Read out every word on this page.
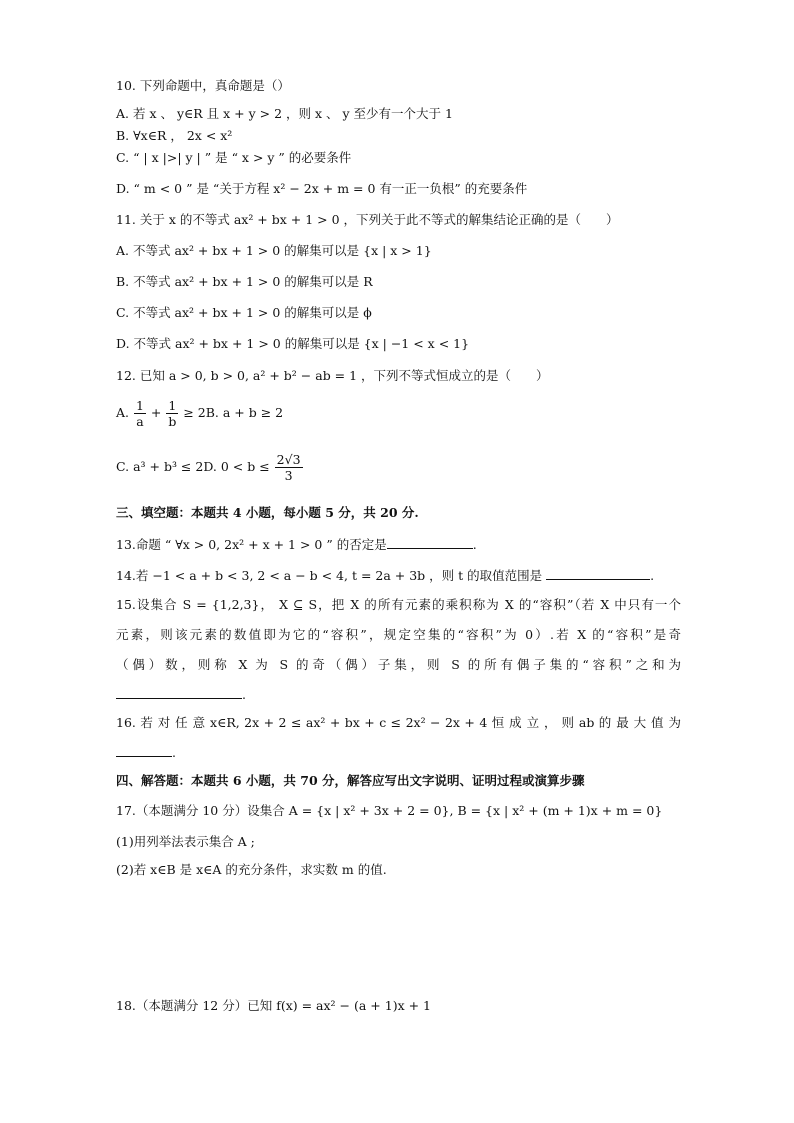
10. 下列命题中，真命题是（）
A. 若 x 、 y∈R 且 x + y > 2 ，则 x 、 y 至少有一个大于 1
B. ∀x∈R ， 2x < x²
C. “ | x |>| y | ” 是 “ x > y ” 的必要条件
D. “ m < 0 ” 是 “关于方程 x² − 2x + m = 0 有一正一负根” 的充要条件
11. 关于 x 的不等式 ax² + bx + 1 > 0 ，下列关于此不等式的解集结论正确的是（　　）
A. 不等式 ax² + bx + 1 > 0 的解集可以是 {x | x > 1}
B. 不等式 ax² + bx + 1 > 0 的解集可以是 R
C. 不等式 ax² + bx + 1 > 0 的解集可以是 ϕ
D. 不等式 ax² + bx + 1 > 0 的解集可以是 {x | −1 < x < 1}
12. 已知 a > 0, b > 0, a² + b² − ab = 1 ，下列不等式恒成立的是（　　）
三、填空题：本题共 4 小题，每小题 5 分，共 20 分.
13.命题 “ ∀x > 0, 2x² + x + 1 > 0 ” 的否定是	.
14.若 −1 < a + b < 3, 2 < a − b < 4, t = 2a + 3b ，则 t 的取值范围是	.
15.设集合 S = {1,2,3}， X ⊆ S，把 X 的所有元素的乘积称为 X 的“容积”（若 X 中只有一个
元素，则该元素的数值即为它的“容积”，规定空集的“容积”为 0）.若 X 的“容积”是奇
（偶）数，则称 X 为 S 的奇（偶）子集，则 S 的所有偶子集的“容积”之和为
.
16. 若 对 任 意 x∈R, 2x + 2 ≤ ax² + bx + c ≤ 2x² − 2x + 4 恒 成 立 ， 则 ab 的 最 大 值 为
.
四、解答题：本题共 6 小题，共 70 分，解答应写出文字说明、证明过程或演算步骤
17.（本题满分 10 分）设集合 A = {x | x² + 3x + 2 = 0}, B = {x | x² + (m + 1)x + m = 0}
(1)用列举法表示集合 A ;
(2)若 x∈B 是 x∈A 的充分条件，求实数 m 的值.
18.（本题满分 12 分）已知 f(x) = ax² − (a + 1)x + 1
A. $\frac{1}{a} + \frac{1}{b} \ge 2B$. a + b ≥ 2
C. a³ + b³ ≤ 2D. $0 < b \le \frac{2√3}{3}$
